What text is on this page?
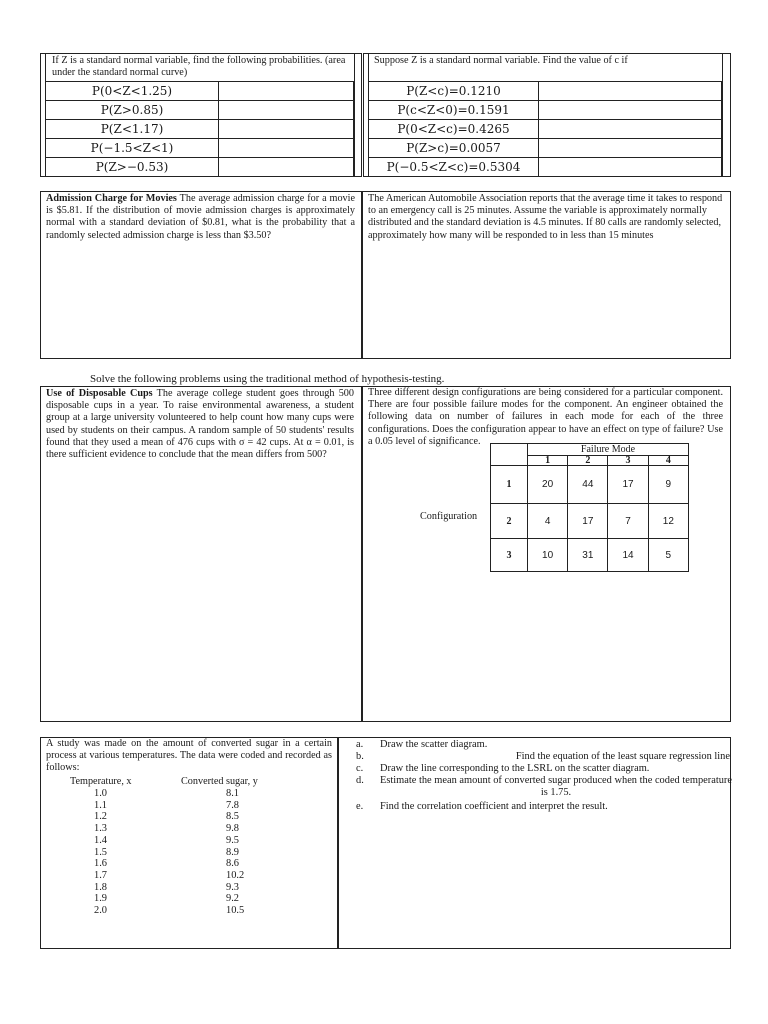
If Z is a standard normal variable, find the following probabilities. (area under the standard normal curve)
P(0<Z<1.25)
P(Z>0.85)
P(Z<1.17)
P(−1.5<Z<1)
P(Z>−0.53)
Suppose Z is a standard normal variable. Find the value of c if
P(Z<c)=0.1210
P(c<Z<0)=0.1591
P(0<Z<c)=0.4265
P(Z>c)=0.0057
P(−0.5<Z<c)=0.5304
Admission Charge for Movies The average admission charge for a movie is $5.81. If the distribution of movie admission charges is approximately normal with a standard deviation of $0.81, what is the probability that a randomly selected admission charge is less than $3.50?
The American Automobile Association reports that the average time it takes to respond to an emergency call is 25 minutes. Assume the variable is approximately normally distributed and the standard deviation is 4.5 minutes. If 80 calls are randomly selected, approximately how many will be responded to in less than 15 minutes
Solve the following problems using the traditional method of hypothesis-testing.
Use of Disposable Cups The average college student goes through 500 disposable cups in a year. To raise environmental awareness, a student group at a large university volunteered to help count how many cups were used by students on their campus. A random sample of 50 students' results found that they used a mean of 476 cups with σ = 42 cups. At α = 0.01, is there sufficient evidence to conclude that the mean differs from 500?
Three different design configurations are being considered for a particular component. There are four possible failure modes for the component. An engineer obtained the following data on number of failures in each mode for each of the three configurations. Does the configuration appear to have an effect on type of failure? Use a 0.05 level of significance.
Configuration
	Failure Mode			
	1	2	3	4
1	20	44	17	9
2	4	17	7	12
3	10	31	14	5
A study was made on the amount of converted sugar in a certain process at various temperatures. The data were coded and recorded as follows:
Temperature, x	Converted sugar, y
1.0	8.1
1.1	7.8
1.2	8.5
1.3	9.8
1.4	9.5
1.5	8.9
1.6	8.6
1.7	10.2
1.8	9.3
1.9	9.2
2.0	10.5
a. Draw the scatter diagram.
b.	Find the equation of the least square regression line
c. Draw the line corresponding to the LSRL on the scatter diagram.
d. Estimate the mean amount of converted sugar produced when the coded temperature is 1.75.
e. Find the correlation coefficient and interpret the result.
